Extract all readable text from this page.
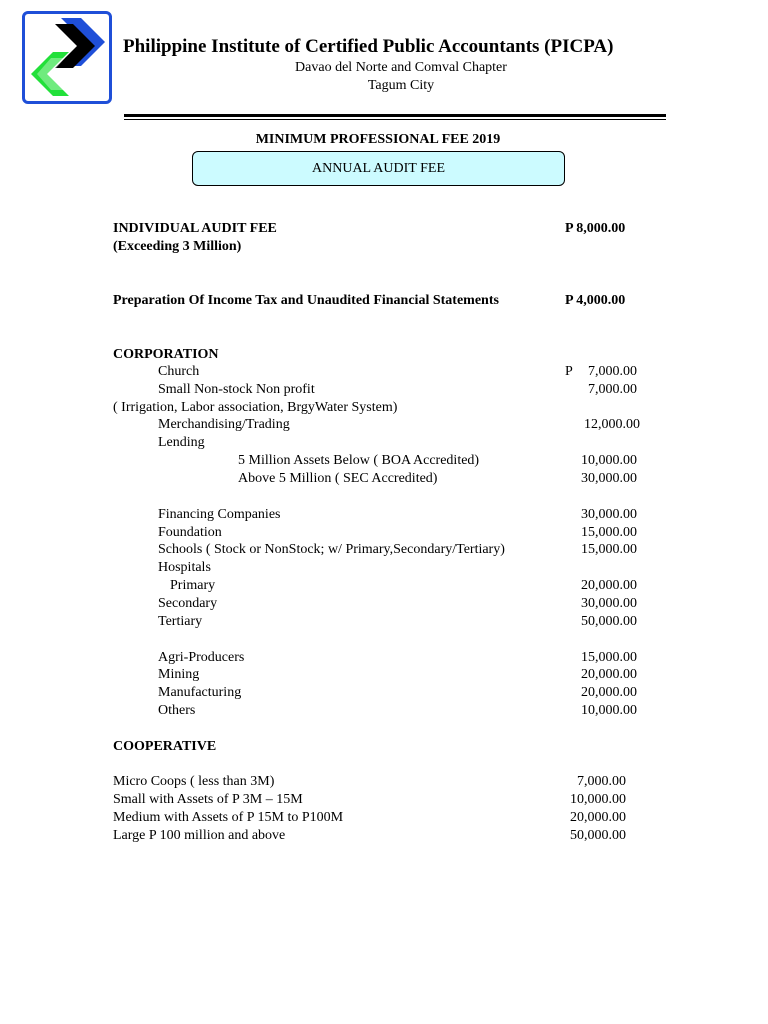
Philippine Institute of Certified Public Accountants (PICPA)
Davao del Norte and Comval Chapter
Tagum City
MINIMUM PROFESSIONAL FEE 2019
ANNUAL AUDIT FEE
INDIVIDUAL AUDIT FEE
(Exceeding 3 Million)
P 8,000.00
Preparation Of Income Tax and Unaudited Financial Statements	P 4,000.00
CORPORATION
Church	P	7,000.00
Small Non-stock Non profit	7,000.00
( Irrigation, Labor association, BrgyWater System)
Merchandising/Trading	12,000.00
Lending
5 Million Assets Below ( BOA Accredited)	10,000.00
Above 5 Million ( SEC Accredited)	30,000.00
Financing Companies	30,000.00
Foundation	15,000.00
Schools ( Stock or NonStock; w/ Primary,Secondary/Tertiary)	15,000.00
Hospitals
Primary	20,000.00
Secondary	30,000.00
Tertiary	50,000.00
Agri-Producers	15,000.00
Mining	20,000.00
Manufacturing	20,000.00
Others	10,000.00
COOPERATIVE
Micro Coops ( less than 3M)	7,000.00
Small with Assets of P 3M – 15M	10,000.00
Medium with Assets of P 15M to P100M	20,000.00
Large P 100 million and above	50,000.00
